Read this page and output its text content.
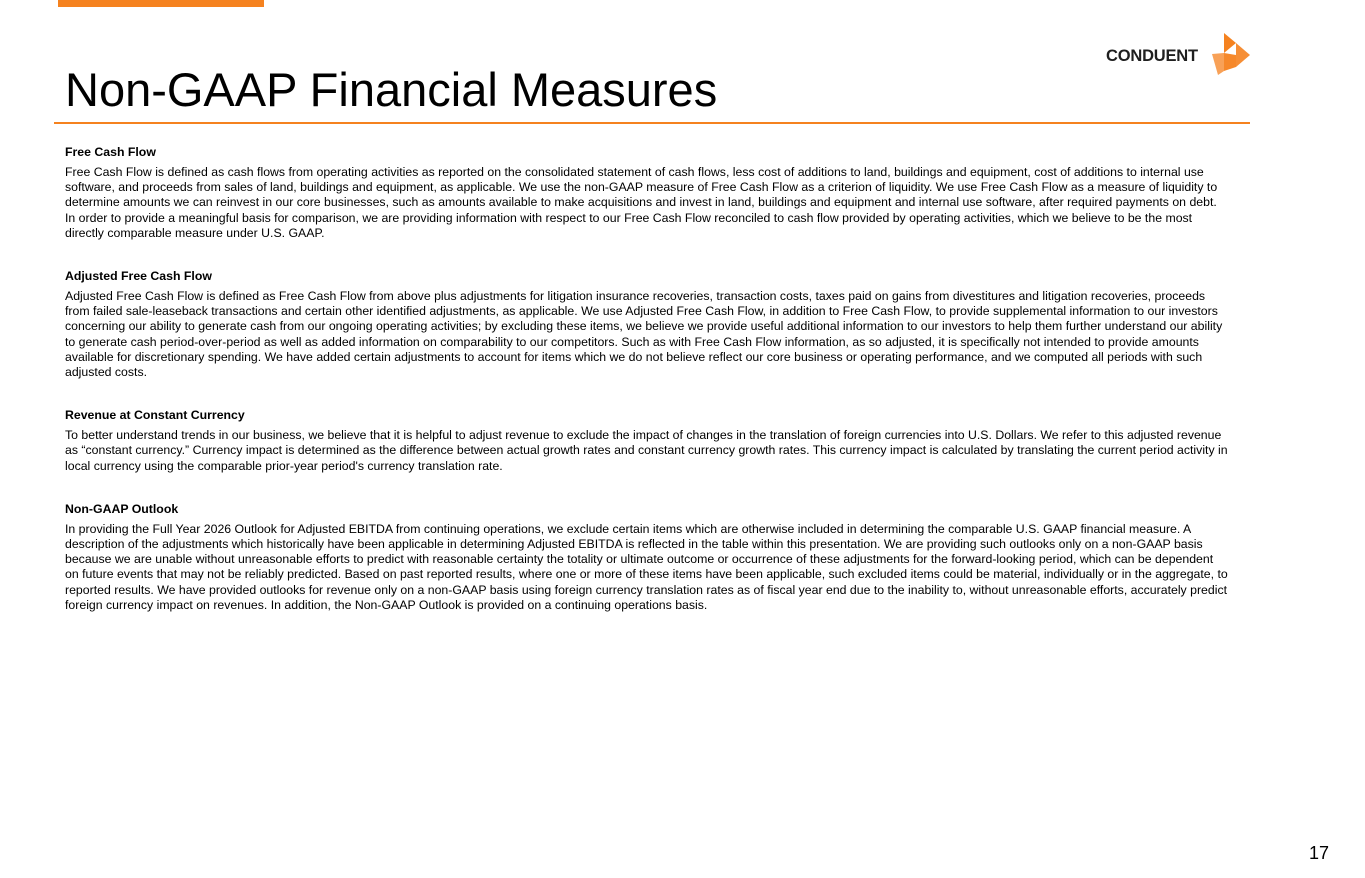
Non-GAAP Financial Measures
CONDUENT

Free Cash Flow

Free Cash Flow is defined as cash flows from operating activities as reported on the consolidated statement of cash flows, less cost of additions to land, buildings and equipment, cost of additions to internal use software, and proceeds from sales of land, buildings and equipment, as applicable. We use the non-GAAP measure of Free Cash Flow as a criterion of liquidity. We use Free Cash Flow as a measure of liquidity to determine amounts we can reinvest in our core businesses, such as amounts available to make acquisitions and invest in land, buildings and equipment and internal use software, after required payments on debt. In order to provide a meaningful basis for comparison, we are providing information with respect to our Free Cash Flow reconciled to cash flow provided by operating activities, which we believe to be the most directly comparable measure under U.S. GAAP.

Adjusted Free Cash Flow

Adjusted Free Cash Flow is defined as Free Cash Flow from above plus adjustments for litigation insurance recoveries, transaction costs, taxes paid on gains from divestitures and litigation recoveries, proceeds from failed sale-leaseback transactions and certain other identified adjustments, as applicable. We use Adjusted Free Cash Flow, in addition to Free Cash Flow, to provide supplemental information to our investors concerning our ability to generate cash from our ongoing operating activities; by excluding these items, we believe we provide useful additional information to our investors to help them further understand our ability to generate cash period-over-period as well as added information on comparability to our competitors. Such as with Free Cash Flow information, as so adjusted, it is specifically not intended to provide amounts available for discretionary spending. We have added certain adjustments to account for items which we do not believe reflect our core business or operating performance, and we computed all periods with such adjusted costs.

Revenue at Constant Currency

To better understand trends in our business, we believe that it is helpful to adjust revenue to exclude the impact of changes in the translation of foreign currencies into U.S. Dollars. We refer to this adjusted revenue as “constant currency.” Currency impact is determined as the difference between actual growth rates and constant currency growth rates. This currency impact is calculated by translating the current period activity in local currency using the comparable prior-year period's currency translation rate.

Non-GAAP Outlook

In providing the Full Year 2026 Outlook for Adjusted EBITDA from continuing operations, we exclude certain items which are otherwise included in determining the comparable U.S. GAAP financial measure. A description of the adjustments which historically have been applicable in determining Adjusted EBITDA is reflected in the table within this presentation. We are providing such outlooks only on a non-GAAP basis because we are unable without unreasonable efforts to predict with reasonable certainty the totality or ultimate outcome or occurrence of these adjustments for the forward-looking period, which can be dependent on future events that may not be reliably predicted. Based on past reported results, where one or more of these items have been applicable, such excluded items could be material, individually or in the aggregate, to reported results. We have provided outlooks for revenue only on a non-GAAP basis using foreign currency translation rates as of fiscal year end due to the inability to, without unreasonable efforts, accurately predict foreign currency impact on revenues. In addition, the Non-GAAP Outlook is provided on a continuing operations basis.

17
